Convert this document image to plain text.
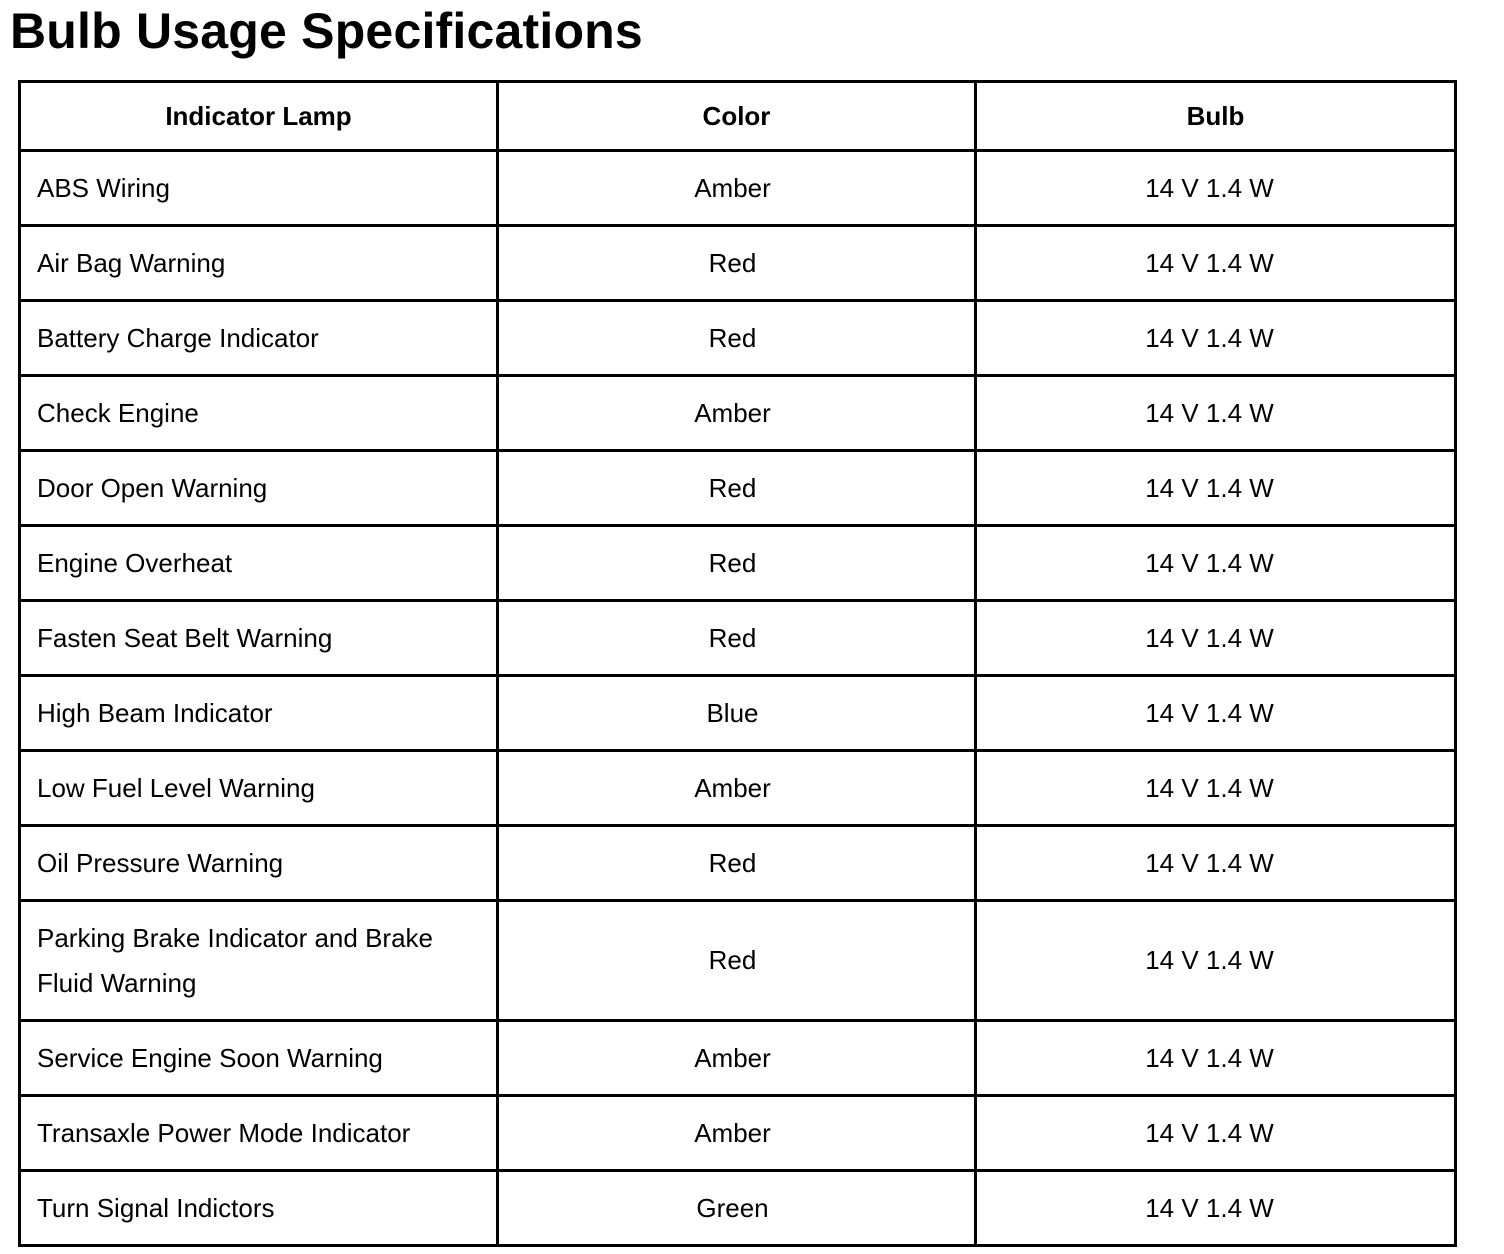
Bulb Usage Specifications
Indicator Lamp	Color	Bulb
ABS Wiring	Amber	14 V 1.4 W
Air Bag Warning	Red	14 V 1.4 W
Battery Charge Indicator	Red	14 V 1.4 W
Check Engine	Amber	14 V 1.4 W
Door Open Warning	Red	14 V 1.4 W
Engine Overheat	Red	14 V 1.4 W
Fasten Seat Belt Warning	Red	14 V 1.4 W
High Beam Indicator	Blue	14 V 1.4 W
Low Fuel Level Warning	Amber	14 V 1.4 W
Oil Pressure Warning	Red	14 V 1.4 W
Parking Brake Indicator and Brake Fluid Warning	Red	14 V 1.4 W
Service Engine Soon Warning	Amber	14 V 1.4 W
Transaxle Power Mode Indicator	Amber	14 V 1.4 W
Turn Signal Indictors	Green	14 V 1.4 W
